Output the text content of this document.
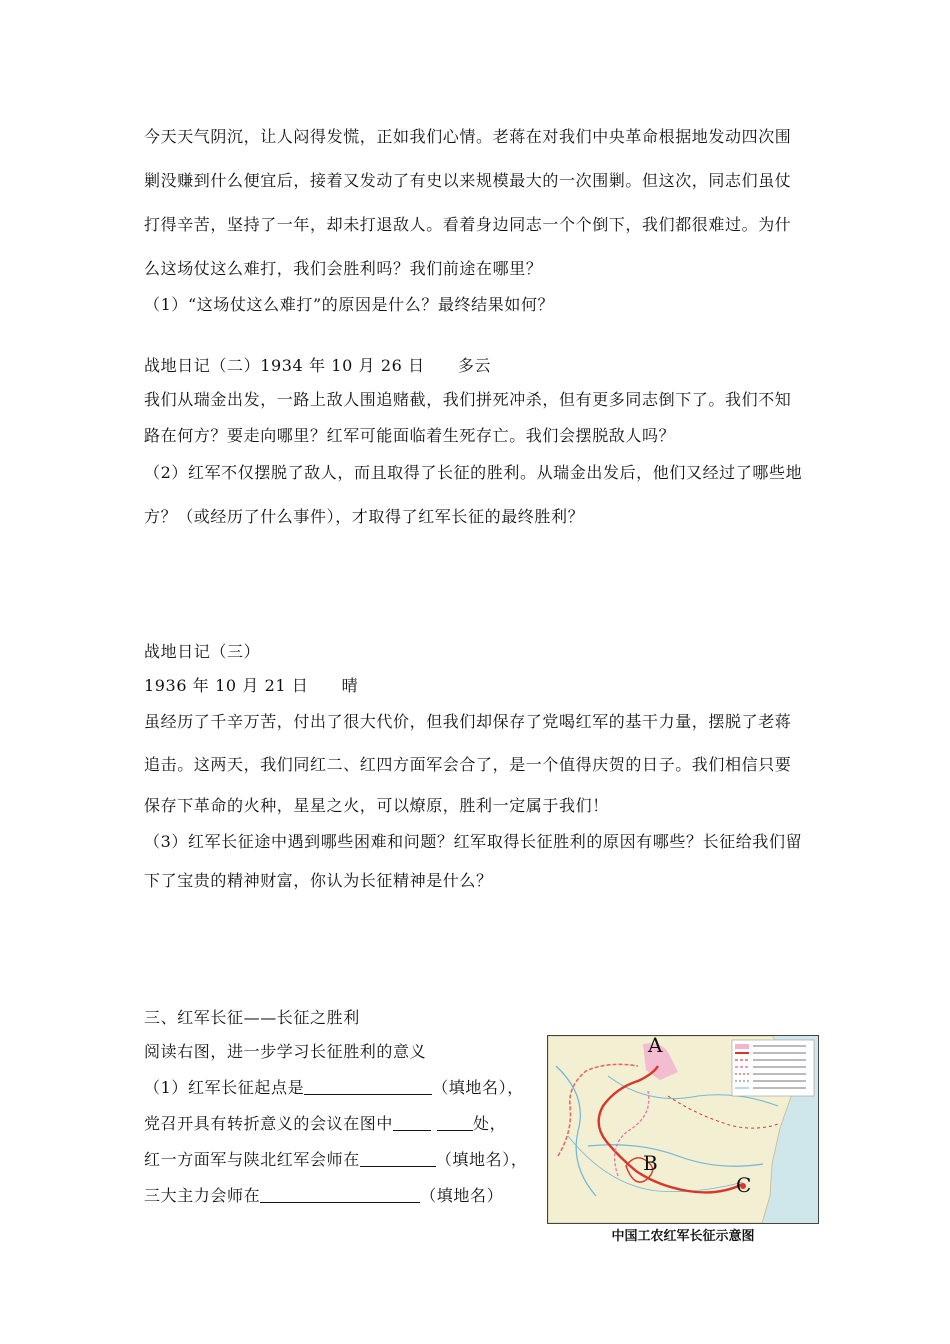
今天天气阴沉，让人闷得发慌，正如我们心情。老蒋在对我们中央革命根据地发动四次围
剿没赚到什么便宜后，接着又发动了有史以来规模最大的一次围剿。但这次，同志们虽仗
打得辛苦，坚持了一年，却未打退敌人。看着身边同志一个个倒下，我们都很难过。为什
么这场仗这么难打，我们会胜利吗？我们前途在哪里？
（1）“这场仗这么难打”的原因是什么？最终结果如何？
战地日记（二）1934 年 10 月 26 日　　多云
我们从瑞金出发，一路上敌人围追赌截，我们拼死冲杀，但有更多同志倒下了。我们不知
路在何方？要走向哪里？红军可能面临着生死存亡。我们会摆脱敌人吗？
（2）红军不仅摆脱了敌人，而且取得了长征的胜利。从瑞金出发后，他们又经过了哪些地
方？（或经历了什么事件），才取得了红军长征的最终胜利？
战地日记（三）
1936 年 10 月 21 日　　晴
虽经历了千辛万苦，付出了很大代价，但我们却保存了党喝红军的基干力量，摆脱了老蒋
追击。这两天，我们同红二、红四方面军会合了，是一个值得庆贺的日子。我们相信只要
保存下革命的火种，星星之火，可以燎原，胜利一定属于我们！
（3）红军长征途中遇到哪些困难和问题？红军取得长征胜利的原因有哪些？长征给我们留
下了宝贵的精神财富，你认为长征精神是什么？
三、红军长征——长征之胜利
阅读右图，进一步学习长征胜利的意义
（1）红军长征起点是	（填地名），
党召开具有转折意义的会议在图中	处，
红一方面军与陕北红军会师在	（填地名），
三大主力会师在	（填地名）
A
B
C
中国工农红军长征示意图
